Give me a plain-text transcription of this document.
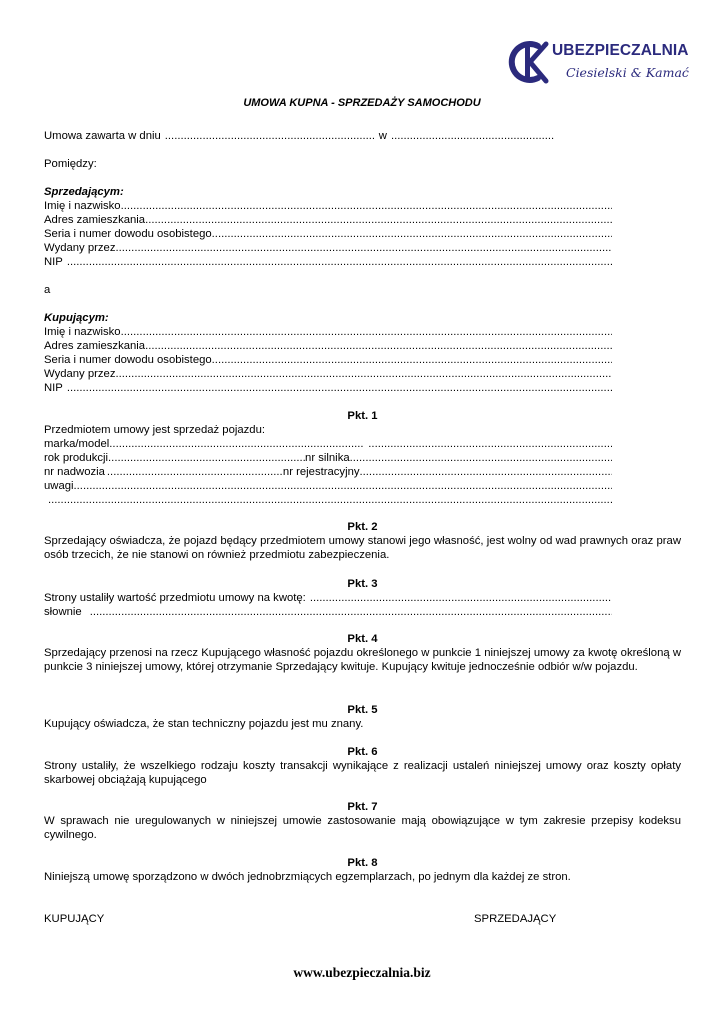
UBEZPIECZALNIA
Ciesielski & Kamać
UMOWA KUPNA - SPRZEDAŻY SAMOCHODU
Umowa zawarta w dniu .....	w
.....
Pomiędzy:
Sprzedającym:
Imię i nazwisko
.....
Adres zamieszkania
.....
Seria i numer dowodu osobistego
.....
Wydany przez
.....
NIP
.....
a
Kupującym:
Imię i nazwisko
.....
Adres zamieszkania
.....
Seria i numer dowodu osobistego
.....
Wydany przez
.....
NIP
.....
Pkt. 1
Przedmiotem umowy jest sprzedaż pojazdu:
marka/model
.....
.....
rok produkcji .....	nr silnika
.....
nr nadwozia .....	nr rejestracyjny
.....
uwagi
.....
.....
Pkt. 2
Sprzedający oświadcza, że pojazd będący przedmiotem umowy stanowi jego własność, jest wolny od wad prawnych oraz praw osób trzecich, że nie stanowi on również przedmiotu zabezpieczenia.
Pkt. 3
Strony ustaliły wartość przedmiotu umowy na kwotę:
.....
słownie
.....
Pkt. 4
Sprzedający przenosi na rzecz Kupującego własność pojazdu określonego w punkcie 1 niniejszej umowy za kwotę określoną w punkcie 3 niniejszej umowy, której otrzymanie Sprzedający kwituje. Kupujący kwituje jednocześnie odbiór w/w pojazdu.
Pkt. 5
Kupujący oświadcza, że stan techniczny pojazdu jest mu znany.
Pkt. 6
Strony ustaliły, że wszelkiego rodzaju koszty transakcji wynikające z realizacji ustaleń niniejszej umowy oraz koszty opłaty skarbowej obciążają kupującego
Pkt. 7
W sprawach nie uregulowanych w niniejszej umowie zastosowanie mają obowiązujące w tym zakresie przepisy kodeksu cywilnego.
Pkt. 8
Niniejszą umowę sporządzono w dwóch jednobrzmiących egzemplarzach, po jednym dla każdej ze stron.
KUPUJĄCY	SPRZEDAJĄCY
www.ubezpieczalnia.biz
